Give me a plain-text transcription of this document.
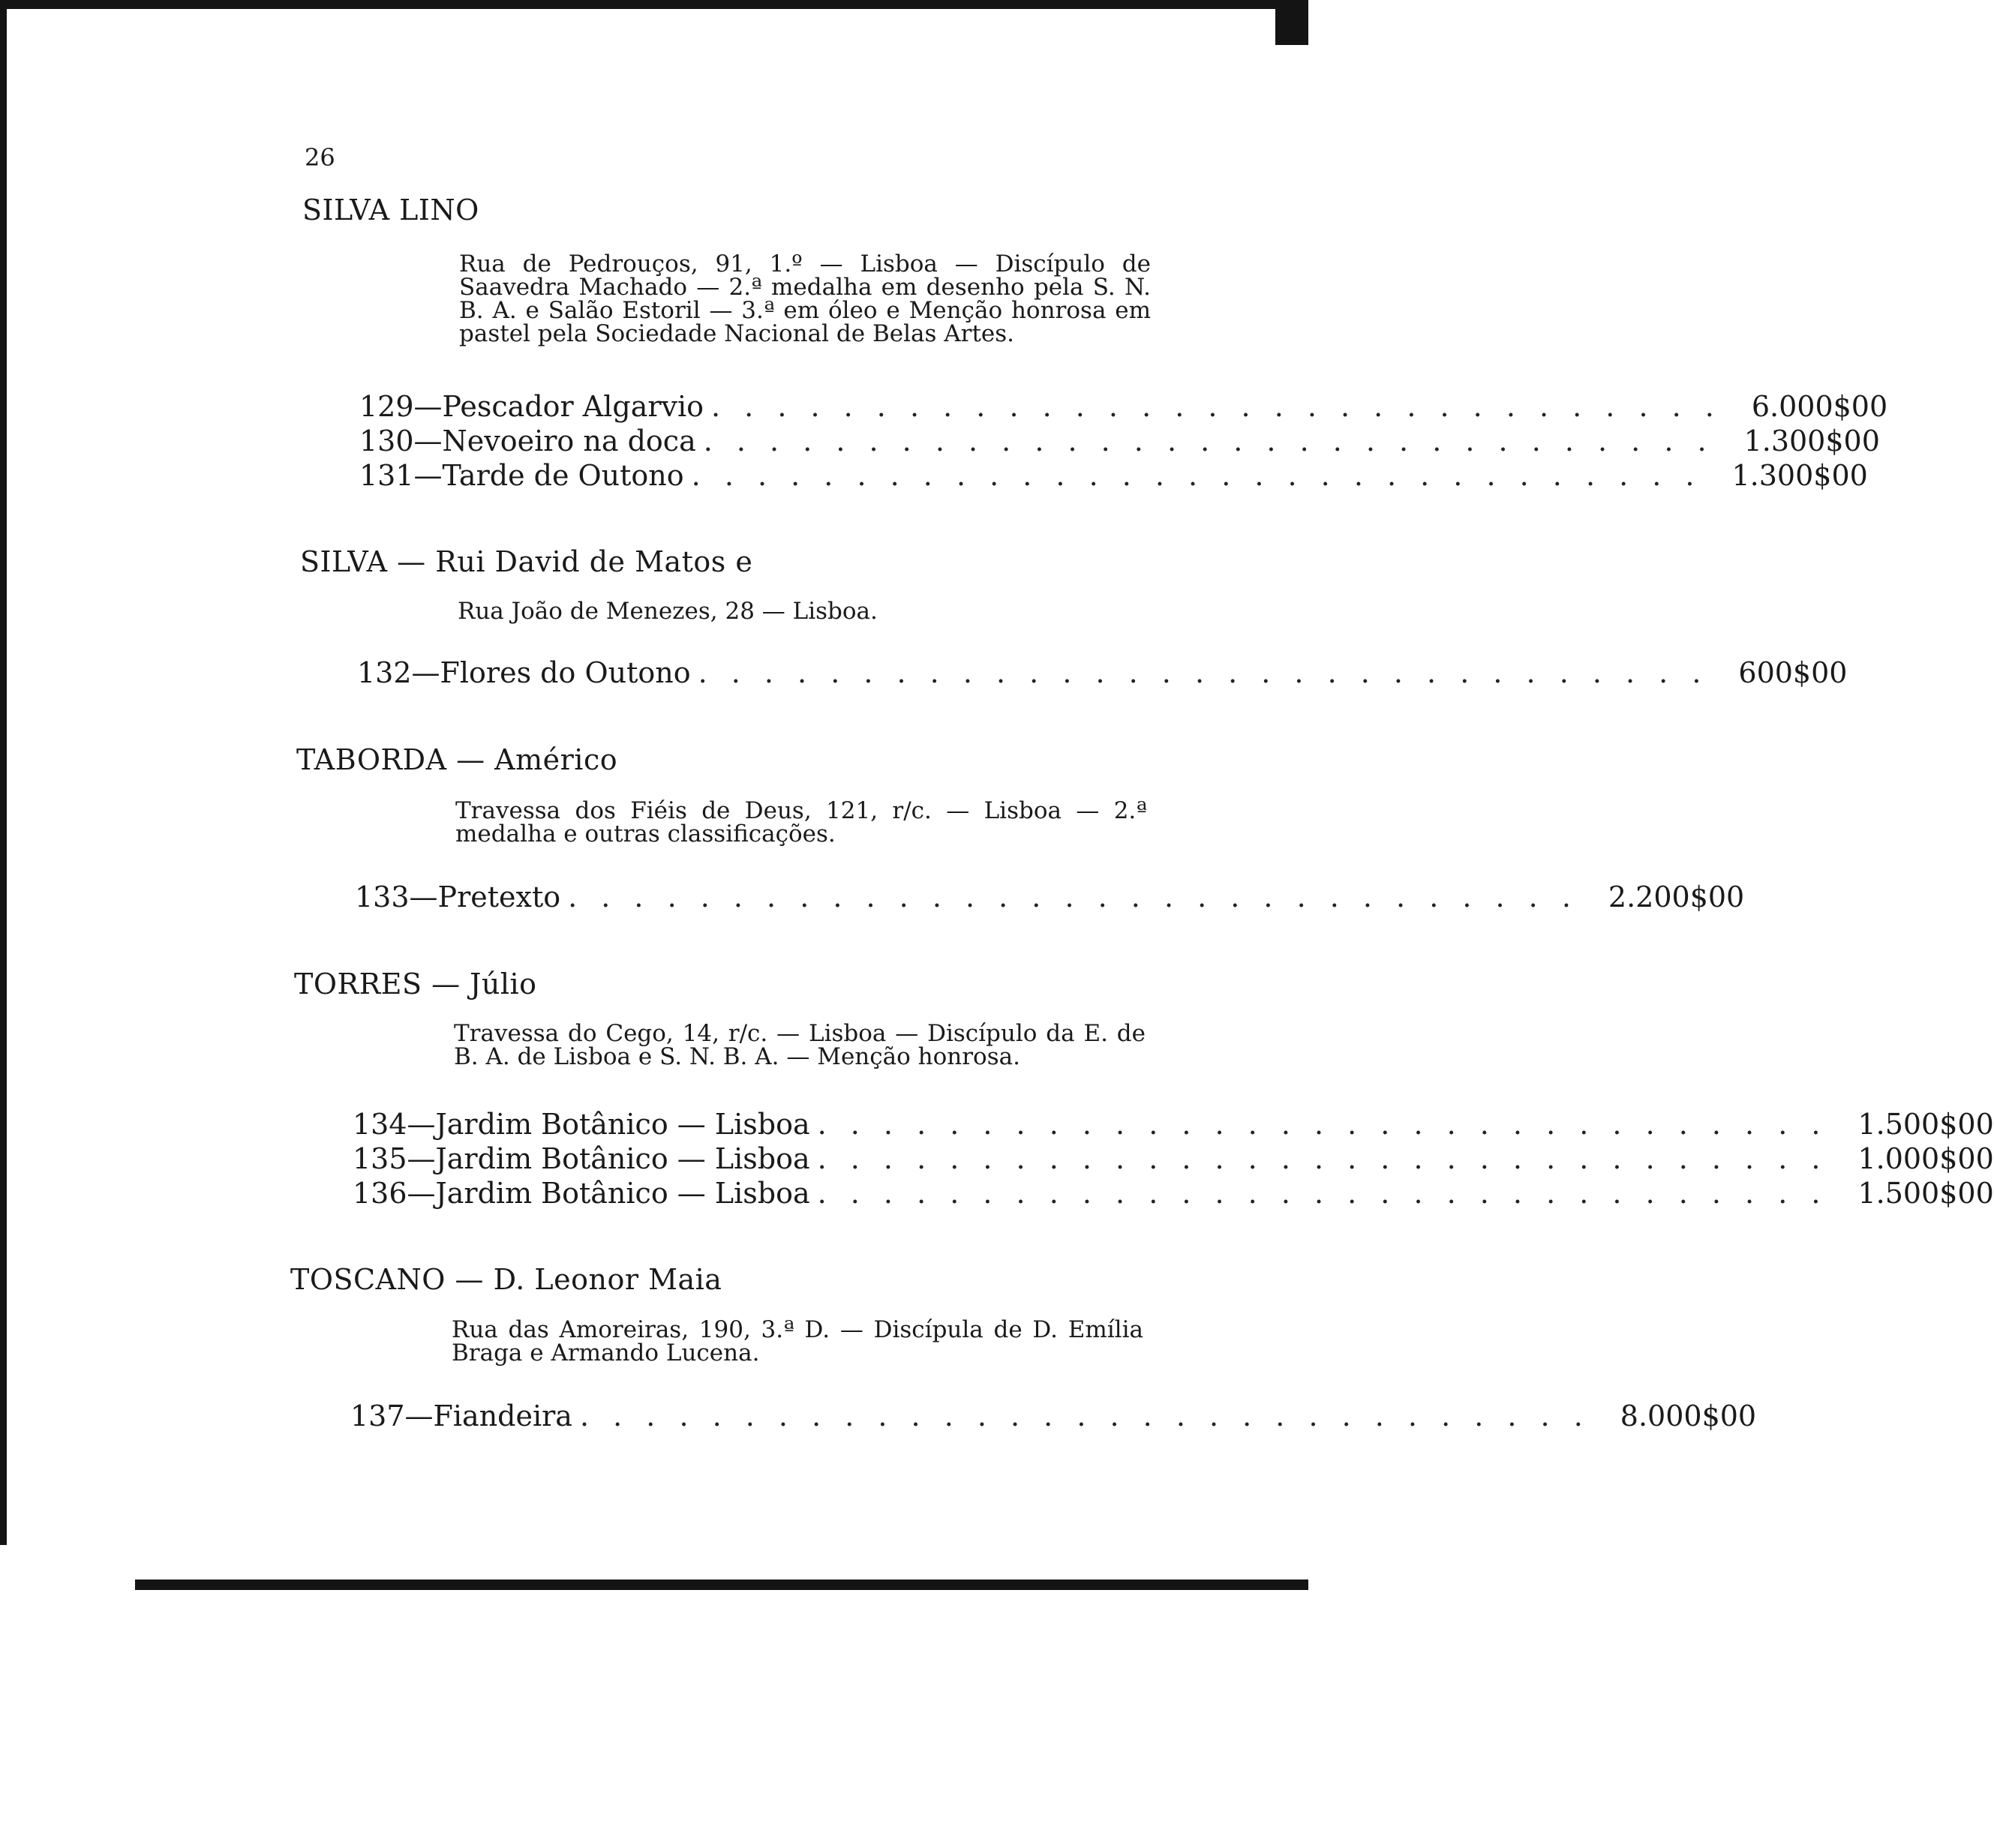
26
SILVA LINO
Rua de Pedrouços, 91, 1.º — Lisboa — Discípulo de Saavedra Machado — 2.ª medalha em desenho pela S. N. B. A. e Salão Estoril — 3.ª em óleo e Menção honrosa em pastel pela Sociedade Nacional de Belas Artes.
129 — Pescador Algarvio . . . . . . . . . . . . . . . . . . . . . . . . . . . . . . .	6.000$00
130 — Nevoeiro na doca . . . . . . . . . . . . . . . . . . . . . . . . . . . . . . .	1.300$00
131 — Tarde de Outono . . . . . . . . . . . . . . . . . . . . . . . . . . . . . . .	1.300$00
SILVA — Rui David de Matos e
Rua João de Menezes, 28 — Lisboa.
132 — Flores do Outono . . . . . . . . . . . . . . . . . . . . . . . . . . . . . . .	600$00
TABORDA — Américo
Travessa dos Fiéis de Deus, 121, r/c. — Lisboa — 2.ª medalha e outras classificações.
133 — Pretexto . . . . . . . . . . . . . . . . . . . . . . . . . . . . . . .	2.200$00
TORRES — Júlio
Travessa do Cego, 14, r/c. — Lisboa — Discípulo da E. de B. A. de Lisboa e S. N. B. A. — Menção honrosa.
134 — Jardim Botânico — Lisboa . . . . . . . . . . . . . . . . . . . . . . . . . . . . . . .	1.500$00
135 — Jardim Botânico — Lisboa . . . . . . . . . . . . . . . . . . . . . . . . . . . . . . .	1.000$00
136 — Jardim Botânico — Lisboa . . . . . . . . . . . . . . . . . . . . . . . . . . . . . . .	1.500$00
TOSCANO — D. Leonor Maia
Rua das Amoreiras, 190, 3.ª D. — Discípula de D. Emília Braga e Armando Lucena.
137 — Fiandeira . . . . . . . . . . . . . . . . . . . . . . . . . . . . . . .	8.000$00
